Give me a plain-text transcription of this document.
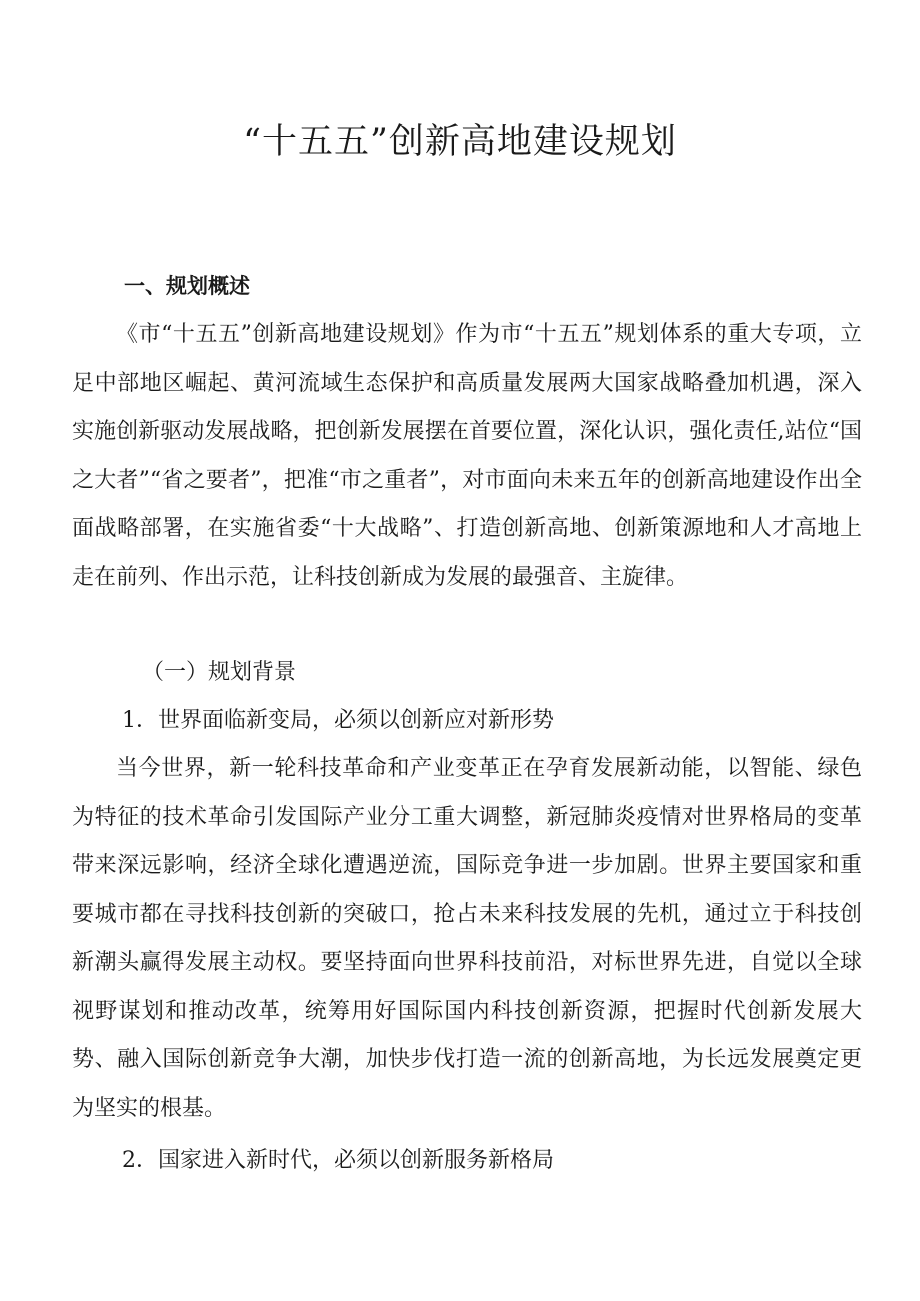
“十五五”创新高地建设规划
一、规划概述

《市“十五五”创新高地建设规划》作为市“十五五”规划体系的重大专项，立足中部地区崛起、黄河流域生态保护和高质量发展两大国家战略叠加机遇，深入实施创新驱动发展战略，把创新发展摆在首要位置，深化认识，强化责任,站位“国之大者”“省之要者”，把准“市之重者”，对市面向未来五年的创新高地建设作出全面战略部署，在实施省委“十大战略”、打造创新高地、创新策源地和人才高地上走在前列、作出示范，让科技创新成为发展的最强音、主旋律。

（一）规划背景
1．世界面临新变局，必须以创新应对新形势

当今世界，新一轮科技革命和产业变革正在孕育发展新动能，以智能、绿色为特征的技术革命引发国际产业分工重大调整，新冠肺炎疫情对世界格局的变革带来深远影响，经济全球化遭遇逆流，国际竞争进一步加剧。世界主要国家和重要城市都在寻找科技创新的突破口，抢占未来科技发展的先机，通过立于科技创新潮头赢得发展主动权。要坚持面向世界科技前沿，对标世界先进，自觉以全球视野谋划和推动改革，统筹用好国际国内科技创新资源，把握时代创新发展大势、融入国际创新竞争大潮，加快步伐打造一流的创新高地，为长远发展奠定更为坚实的根基。

2．国家进入新时代，必须以创新服务新格局
